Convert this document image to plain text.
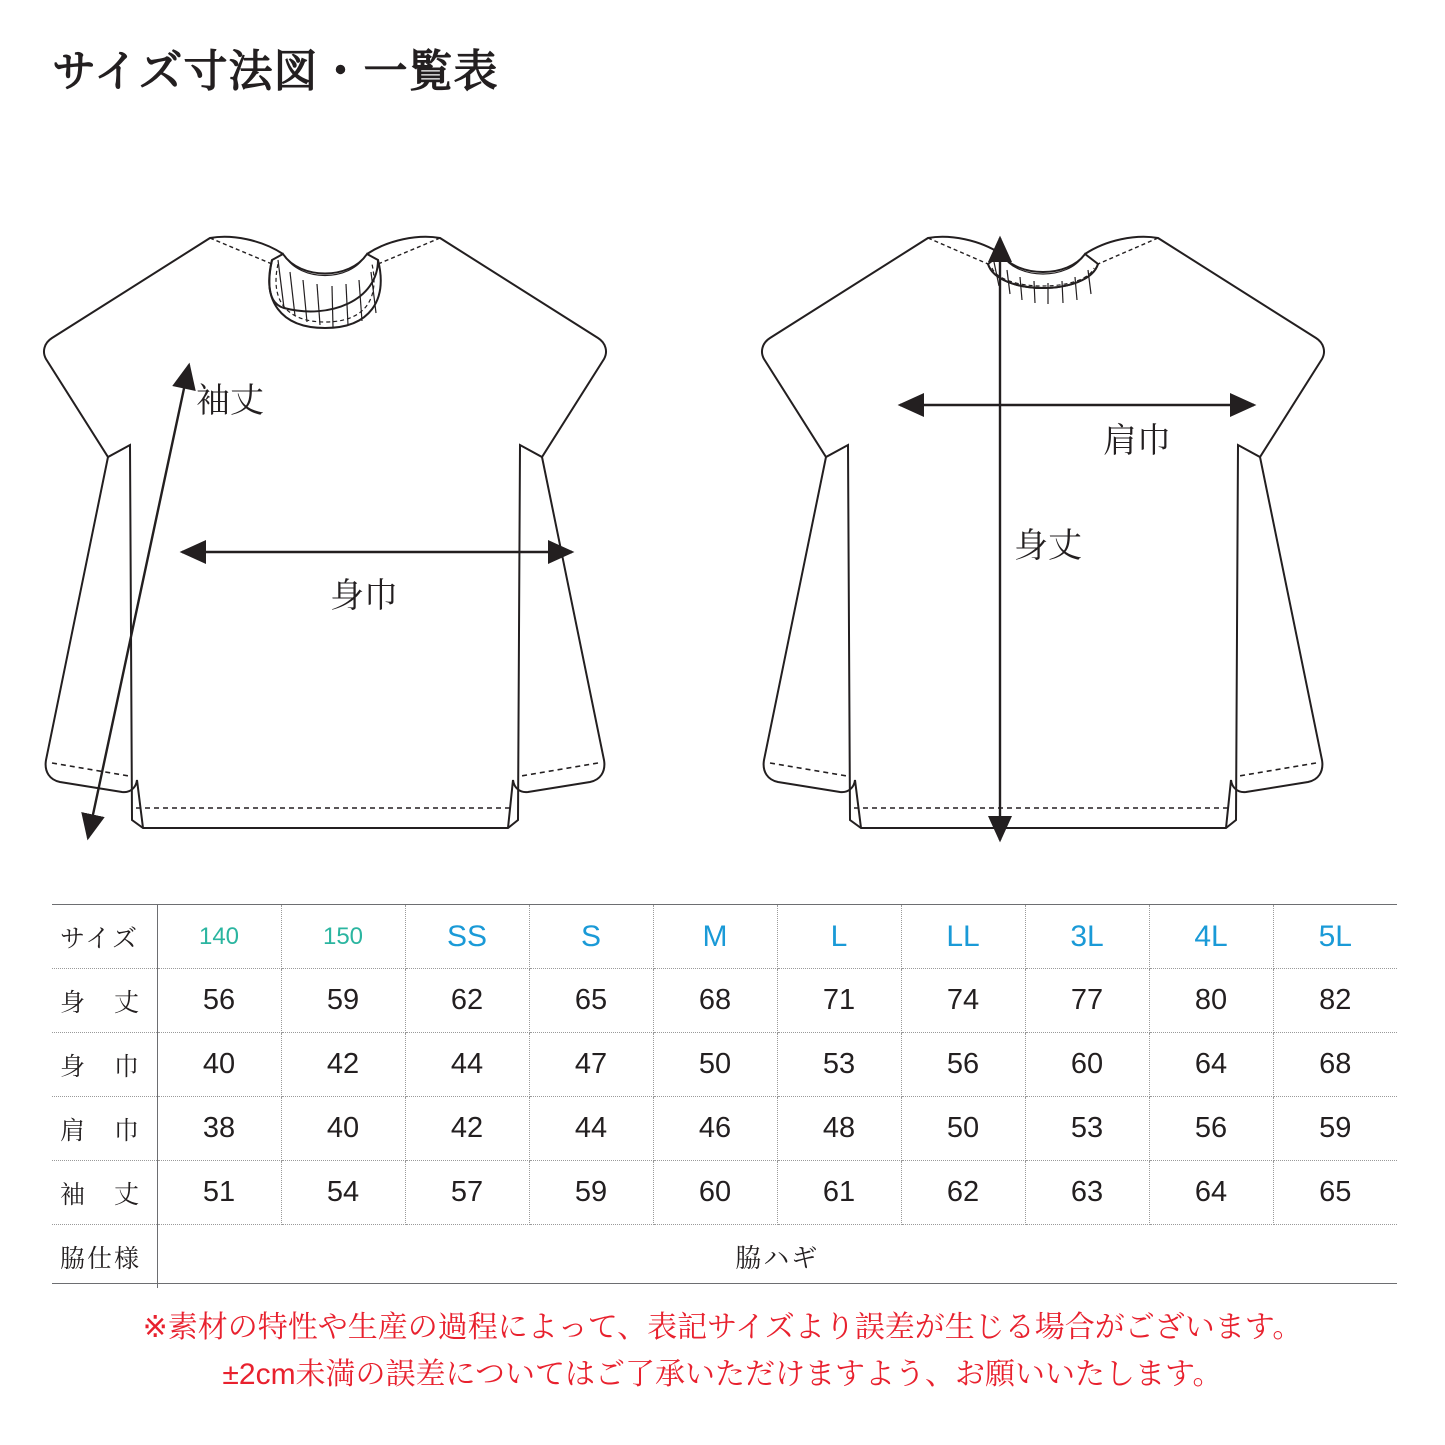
サイズ寸法図・一覧表
袖丈
身巾
肩巾
身丈
サイズ	140	150	SS	S	M	L	LL	3L	4L	5L
身　丈	56	59	62	65	68	71	74	77	80	82
身　巾	40	42	44	47	50	53	56	60	64	68
肩　巾	38	40	42	44	46	48	50	53	56	59
袖　丈	51	54	57	59	60	61	62	63	64	65
脇仕様	脇ハギ									
※素材の特性や生産の過程によって、表記サイズより誤差が生じる場合がございます。
±2cm未満の誤差についてはご了承いただけますよう、お願いいたします。
